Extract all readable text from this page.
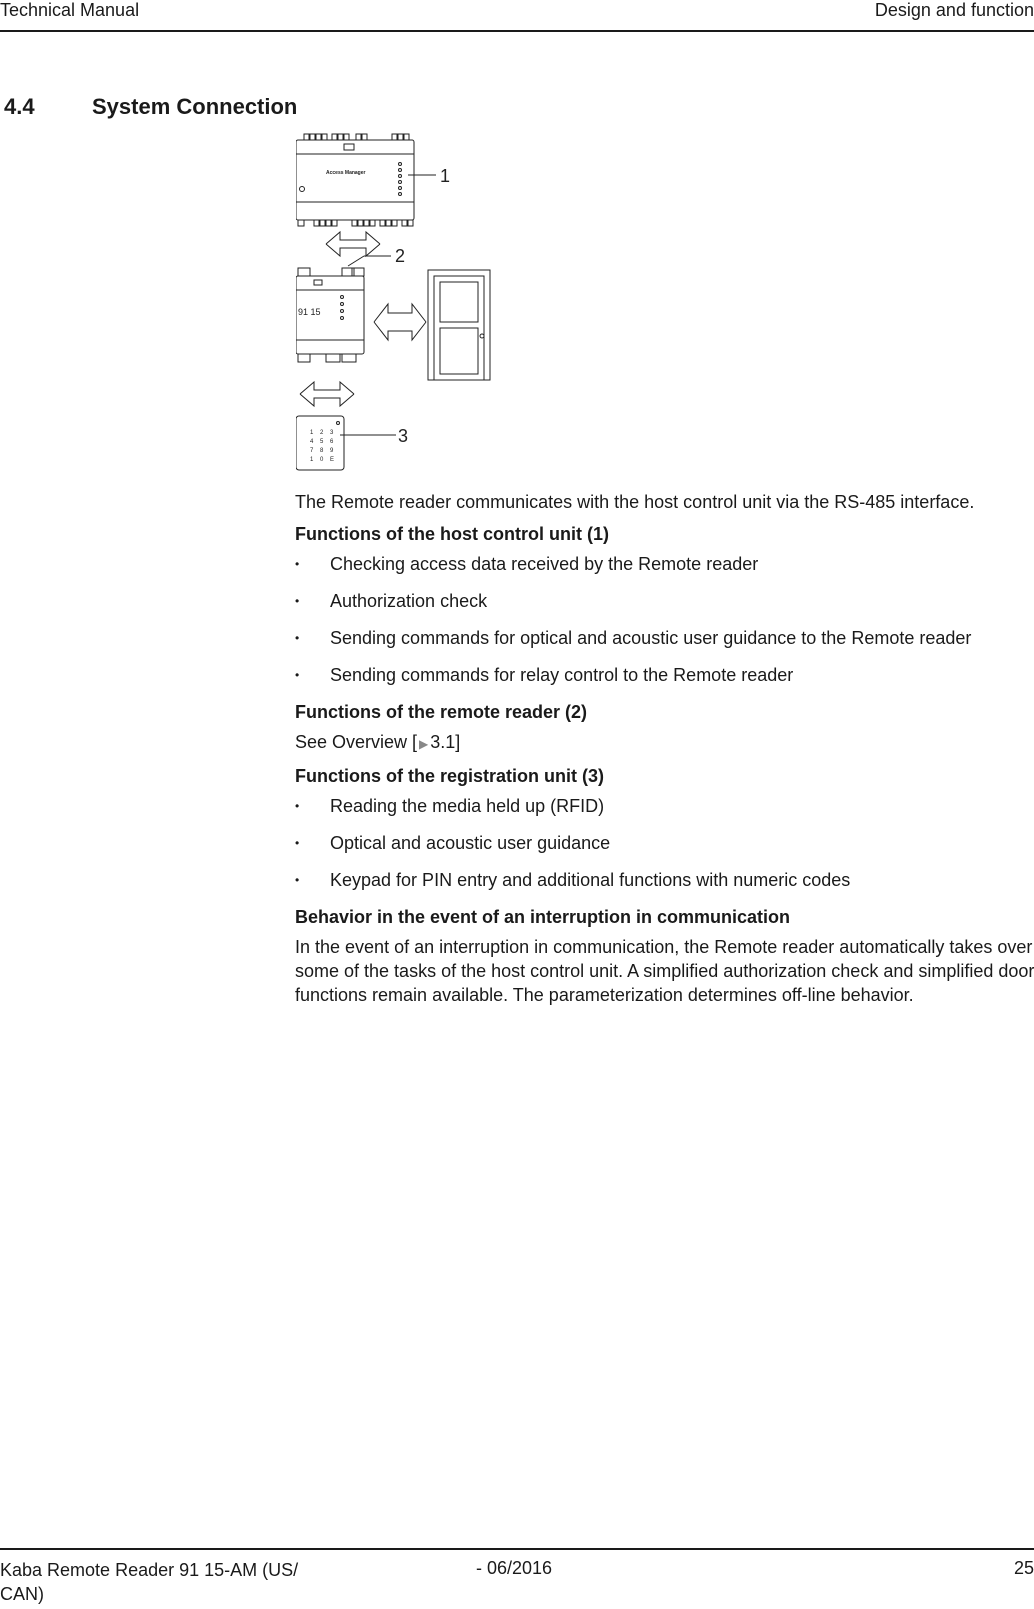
Technical Manual	Design and function
4.4	System Connection
Access Manager
91 15
1 2 3
4 5 6
7 8 9
1 0 E
1
2
3

The Remote reader communicates with the host control unit via the RS-485 interface.

Functions of the host control unit (1)

• Checking access data received by the Remote reader
• Authorization check
• Sending commands for optical and acoustic user guidance to the Remote reader
• Sending commands for relay control to the Remote reader

Functions of the remote reader (2)

See Overview [ ▶ 3.1]

Functions of the registration unit (3)

• Reading the media held up (RFID)
• Optical and acoustic user guidance
• Keypad for PIN entry and additional functions with numeric codes

Behavior in the event of an interruption in communication

In the event of an interruption in communication, the Remote reader automatically takes over some of the tasks of the host control unit. A simplified authorization check and simplified door functions remain available. The parameterization determines off-line behavior.

Kaba Remote Reader 91 15-AM (US/ CAN)
- 06/2016	25
